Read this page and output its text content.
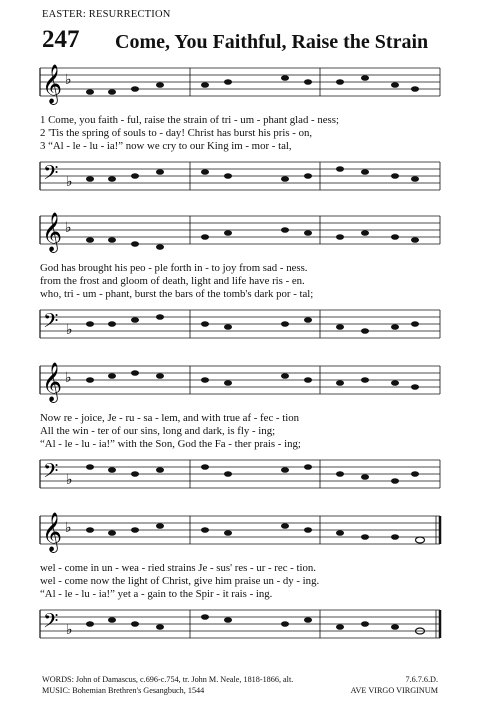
EASTER: RESURRECTION
247 Come, You Faithful, Raise the Strain
𝄞 ♭
1 Come, you faith - ful, raise the strain of tri - um - phant glad - ness;
2 'Tis the spring of souls to - day! Christ has burst his pris - on,
3 “Al - le - lu - ia!” now we cry to our King im - mor - tal,
𝄢 ♭
𝄞 ♭
God has brought his peo - ple forth in - to joy from sad - ness.
from the frost and gloom of death, light and life have ris - en.
who, tri - um - phant, burst the bars of the tomb's dark por - tal;
𝄢 ♭
𝄞 ♭
Now re - joice, Je - ru - sa - lem, and with true af - fec - tion
All the win - ter of our sins, long and dark, is fly - ing;
“Al - le - lu - ia!” with the Son, God the Fa - ther prais - ing;
𝄢 ♭
𝄞 ♭
wel - come in un - wea - ried strains Je - sus' res - ur - rec - tion.
wel - come now the light of Christ, give him praise un - dy - ing.
“Al - le - lu - ia!” yet a - gain to the Spir - it rais - ing.
𝄢 ♭
WORDS: John of Damascus, c.696-c.754, tr. John M. Neale, 1818-1866, alt.
MUSIC: Bohemian Brethren's Gesangbuch, 1544
7.6.7.6.D.
AVE VIRGO VIRGINUM
